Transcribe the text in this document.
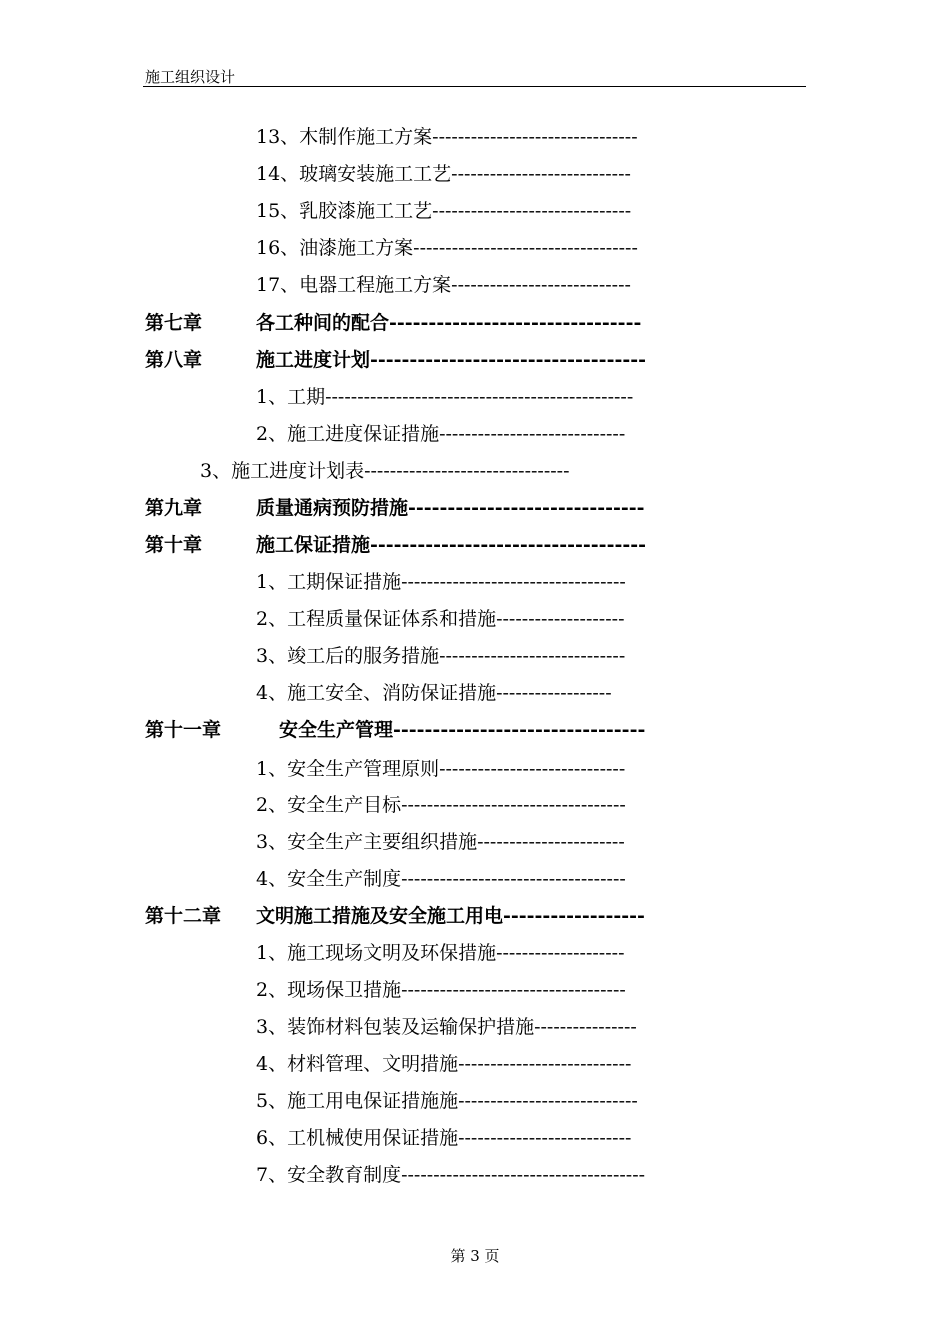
施工组织设计
13、木制作施工方案--------------------------------
14、玻璃安装施工工艺----------------------------
15、乳胶漆施工工艺-------------------------------
16、油漆施工方案-----------------------------------
17、电器工程施工方案----------------------------
第七章	各工种间的配合--------------------------------
第八章	施工进度计划-----------------------------------
1、工期------------------------------------------------
2、施工进度保证措施-----------------------------
3、施工进度计划表--------------------------------
第九章	质量通病预防措施------------------------------
第十章	施工保证措施-----------------------------------
1、工期保证措施-----------------------------------
2、工程质量保证体系和措施--------------------
3、竣工后的服务措施-----------------------------
4、施工安全、消防保证措施------------------
第十一章	安全生产管理--------------------------------
1、安全生产管理原则-----------------------------
2、安全生产目标-----------------------------------
3、安全生产主要组织措施-----------------------
4、安全生产制度-----------------------------------
第十二章 文明施工措施及安全施工用电------------------
1、施工现场文明及环保措施--------------------
2、现场保卫措施-----------------------------------
3、装饰材料包装及运输保护措施----------------
4、材料管理、文明措施---------------------------
5、施工用电保证措施施----------------------------
6、工机械使用保证措施---------------------------
7、安全教育制度--------------------------------------
第 3 页
